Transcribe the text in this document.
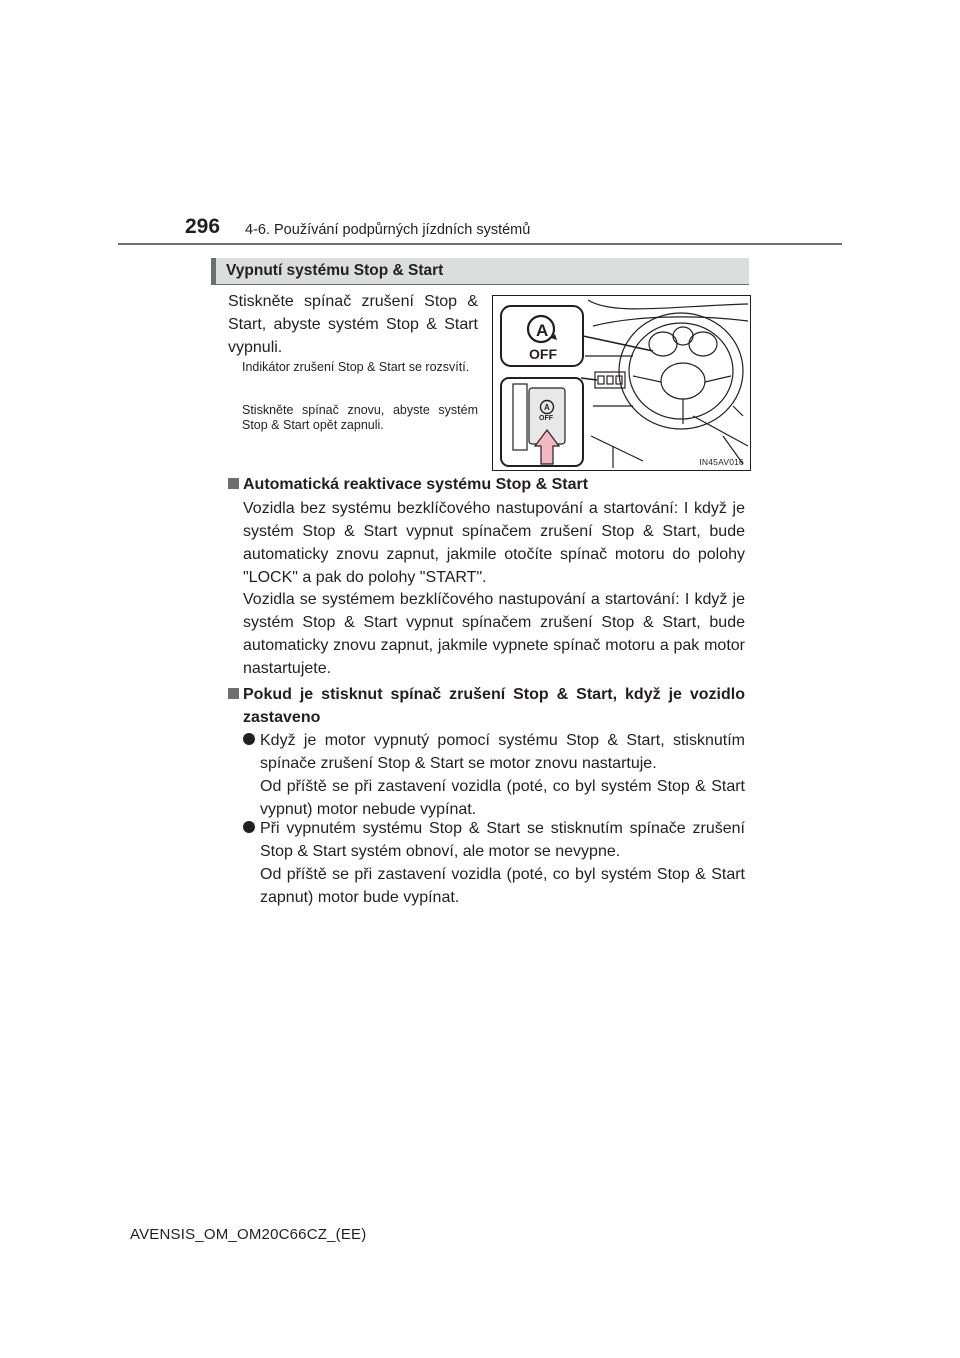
296 4-6. Používání podpůrných jízdních systémů
Vypnutí systému Stop & Start
Stiskněte spínač zrušení Stop & Start, abyste systém Stop & Start vypnuli.
Indikátor zrušení Stop & Start se rozsvítí.
Stiskněte spínač znovu, abyste systém Stop & Start opět zapnuli.
A
OFF
A
OFF
IN45AV016
Automatická reaktivace systému Stop & Start
Vozidla bez systému bezklíčového nastupování a startování: I když je systém Stop & Start vypnut spínačem zrušení Stop & Start, bude automaticky znovu zapnut, jakmile otočíte spínač motoru do polohy "LOCK" a pak do polohy "START".
Vozidla se systémem bezklíčového nastupování a startování: I když je systém Stop & Start vypnut spínačem zrušení Stop & Start, bude automaticky znovu zapnut, jakmile vypnete spínač motoru a pak motor nastartujete.
Pokud je stisknut spínač zrušení Stop & Start, když je vozidlo zastaveno
Když je motor vypnutý pomocí systému Stop & Start, stisknutím spínače zrušení Stop & Start se motor znovu nastartuje.
Od příště se při zastavení vozidla (poté, co byl systém Stop & Start vypnut) motor nebude vypínat.
Při vypnutém systému Stop & Start se stisknutím spínače zrušení Stop & Start systém obnoví, ale motor se nevypne.
Od příště se při zastavení vozidla (poté, co byl systém Stop & Start zapnut) motor bude vypínat.
AVENSIS_OM_OM20C66CZ_(EE)
